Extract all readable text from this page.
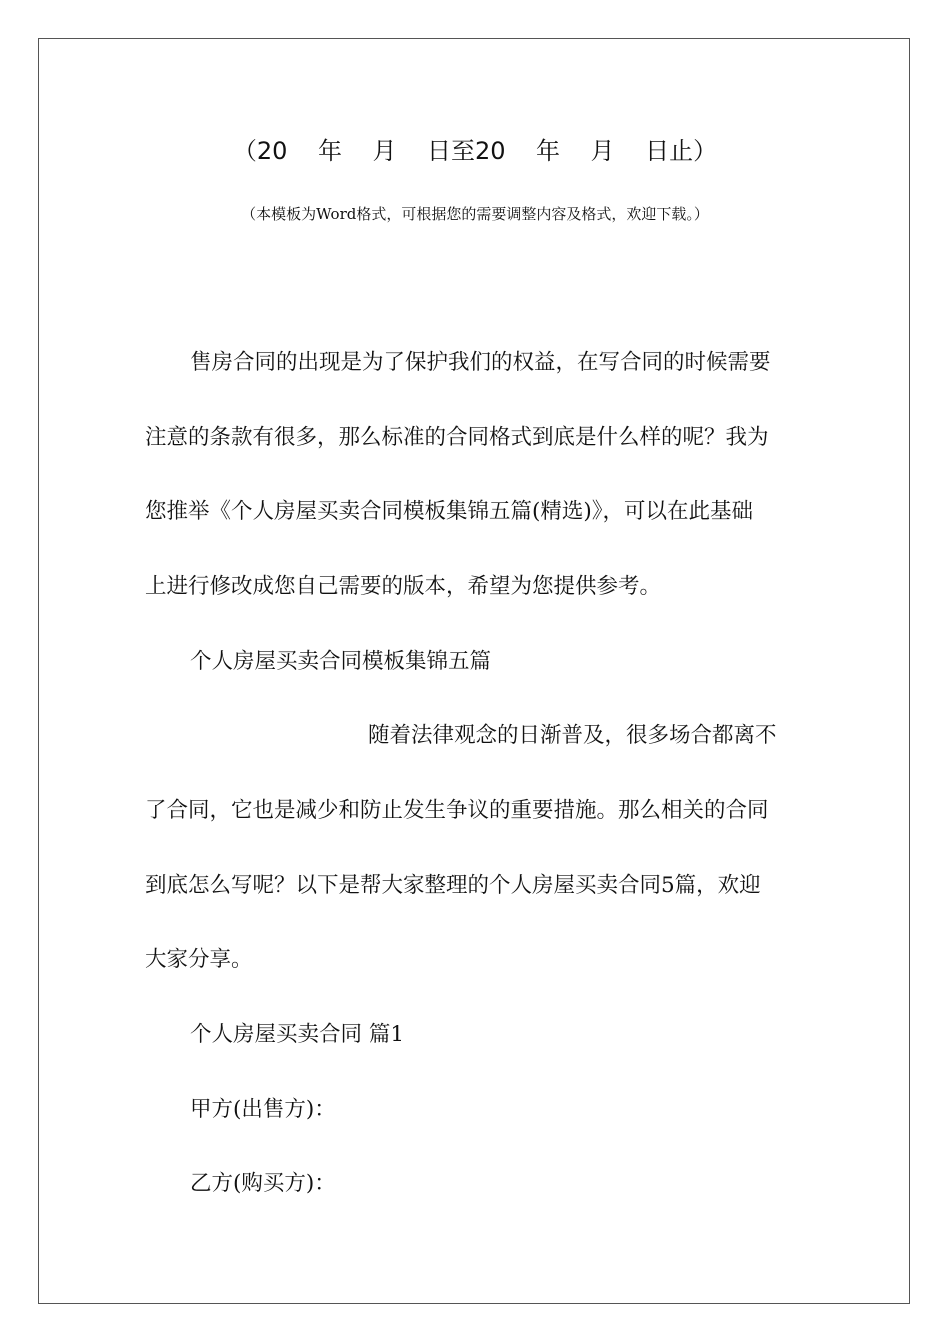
（20    年    月    日至20    年    月    日止）
（本模板为Word格式，可根据您的需要调整内容及格式，欢迎下载。）
售房合同的出现是为了保护我们的权益，在写合同的时候需要
注意的条款有很多，那么标准的合同格式到底是什么样的呢？我为
您推举《个人房屋买卖合同模板集锦五篇(精选)》，可以在此基础
上进行修改成您自己需要的版本，希望为您提供参考。
个人房屋买卖合同模板集锦五篇
随着法律观念的日渐普及，很多场合都离不
了合同，它也是减少和防止发生争议的重要措施。那么相关的合同
到底怎么写呢？以下是帮大家整理的个人房屋买卖合同5篇，欢迎
大家分享。
个人房屋买卖合同 篇1
甲方(出售方)：
乙方(购买方)：
